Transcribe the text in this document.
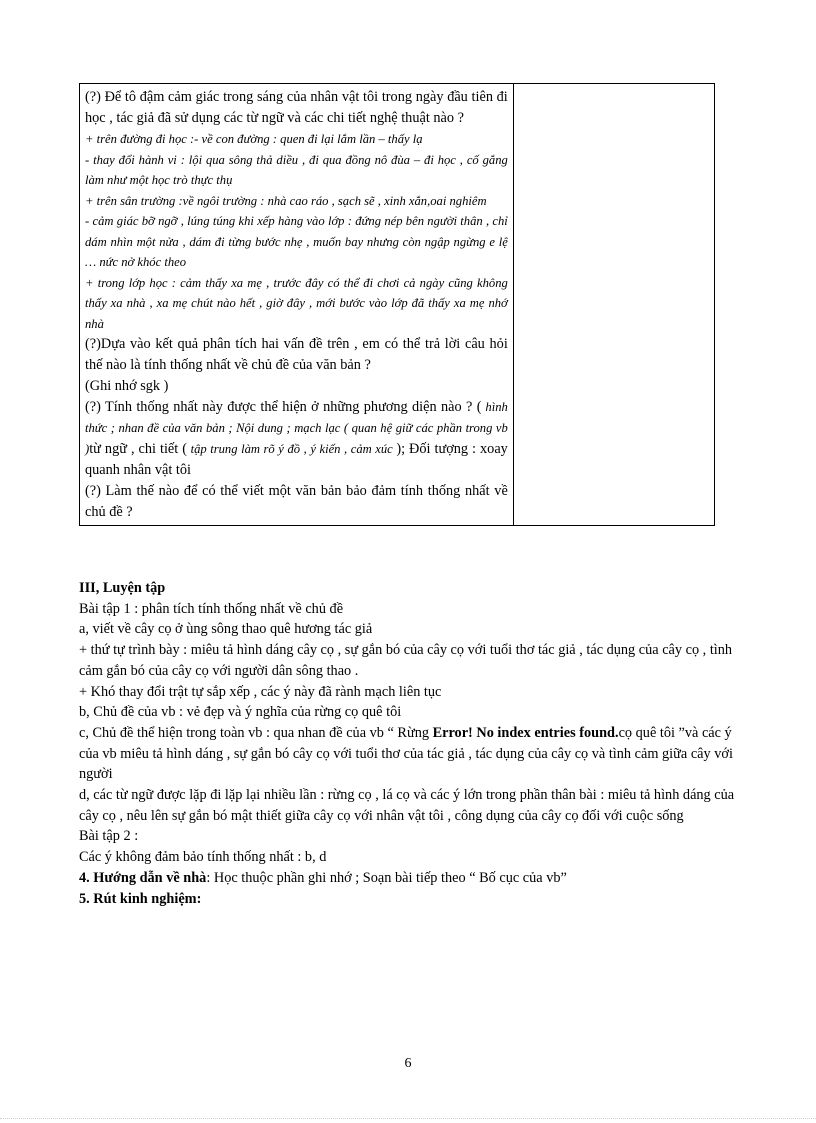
(?) Để tô đậm cảm giác trong sáng của nhân vật tôi trong ngày đầu tiên đi học , tác giả đã sử dụng các từ ngữ và các chi tiết nghệ thuật nào ?
+ trên đường đi học :- về con đường : quen đi lại lắm lần – thấy lạ
- thay đổi hành vi : lội qua sông thả diều , đi qua đồng nô đùa – đi học , cố gắng làm như một học trò thực thụ
+ trên sân trường :về ngôi trường : nhà cao ráo , sạch sẽ , xinh xắn,oai nghiêm
- cảm giác bỡ ngỡ , lúng túng khi xếp hàng vào lớp : đứng nép bên người thân , chỉ dám nhìn một nửa , dám đi từng bước nhẹ , muốn bay nhưng còn ngập ngừng e lệ … nức nở khóc theo
+ trong lớp học : cảm thấy xa mẹ , trước đây có thể đi chơi cả ngày cũng không thấy xa nhà , xa mẹ chút nào hết , giờ đây , mới bước vào lớp đã thấy xa mẹ nhớ nhà
(?)Dựa vào kết quả phân tích hai vấn đề trên , em có thể trả lời câu hỏi thế nào là tính thống nhất về chủ đề của văn bản ?
(Ghi nhớ sgk )
(?) Tính thống nhất này được thể hiện ở những phương diện nào ? ( hình thức ; nhan đề của văn bản ; Nội dung ; mạch lạc ( quan hệ giữ các phần trong vb )từ ngữ , chi tiết ( tập trung làm rõ ý đồ , ý kiến , cảm xúc ); Đối tượng : xoay quanh nhân vật tôi
(?) Làm thế nào để có thể viết một văn bản bảo đảm tính thống nhất về chủ đề ?

III, Luyện tập

Bài tập 1 : phân tích tính thống nhất về chủ đề

a, viết về cây cọ ở ùng sông thao quê hương tác giả

+ thứ tự trình bày : miêu tả hình dáng cây cọ , sự gắn bó của cây cọ với tuổi thơ tác giả , tác dụng của cây cọ , tình cảm gắn bó của cây cọ với người dân sông thao .

+ Khó thay đổi trật tự sắp xếp , các ý này đã rành mạch liên tục

b, Chủ đề của vb : vẻ đẹp và ý nghĩa của rừng cọ quê tôi

c, Chủ đề thể hiện trong toàn vb : qua nhan đề của vb “ Rừng Error! No index entries found.cọ quê tôi ”và các ý của vb miêu tả hình dáng , sự gắn bó cây cọ với tuổi thơ của tác giả , tác dụng của cây cọ và tình cảm giữa cây với người

d, các từ ngữ được lặp đi lặp lại nhiều lần : rừng cọ , lá cọ và các ý lớn trong phần thân bài : miêu tả hình dáng của cây cọ , nêu lên sự gắn bó mật thiết giữa cây cọ với nhân vật tôi , công dụng của cây cọ đối với cuộc sống

Bài tập 2 :

Các ý không đảm bảo tính thống nhất : b, d

4. Hướng dẫn về nhà: Học thuộc phần ghi nhớ ; Soạn bài tiếp theo “ Bố cục của vb”

5. Rút kinh nghiệm:

6
